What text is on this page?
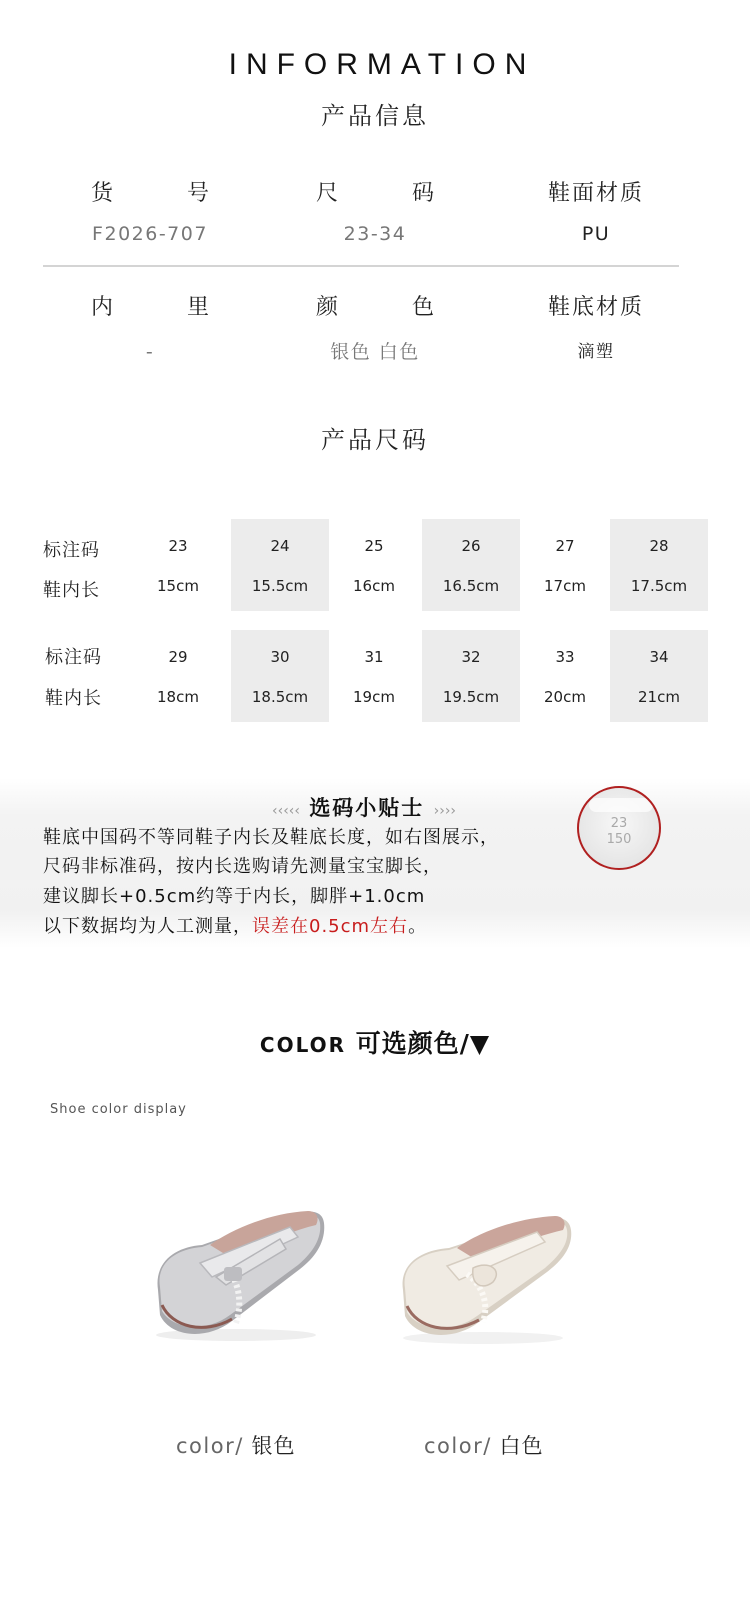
INFORMATION
产品信息
货　号
F2026-707
尺　码
23-34
鞋面材质
PU
内　里
-
颜　色
银色 白色
鞋底材质
滴塑
产品尺码
标注码
鞋内长
23
15cm
24
15.5cm
25
16cm
26
16.5cm
27
17cm
28
17.5cm
标注码
鞋内长
29
18cm
30
18.5cm
31
19cm
32
19.5cm
33
20cm
34
21cm
‹‹‹‹‹ 选码小贴士 ››››
鞋底中国码不等同鞋子内长及鞋底长度，如右图展示，
尺码非标准码，按内长选购请先测量宝宝脚长，
建议脚长+0.5cm约等于内长，脚胖+1.0cm
以下数据均为人工测量，误差在0.5cm左右。
23
150
COLOR 可选颜色/▼
Shoe color display
color/ 银色	color/ 白色
